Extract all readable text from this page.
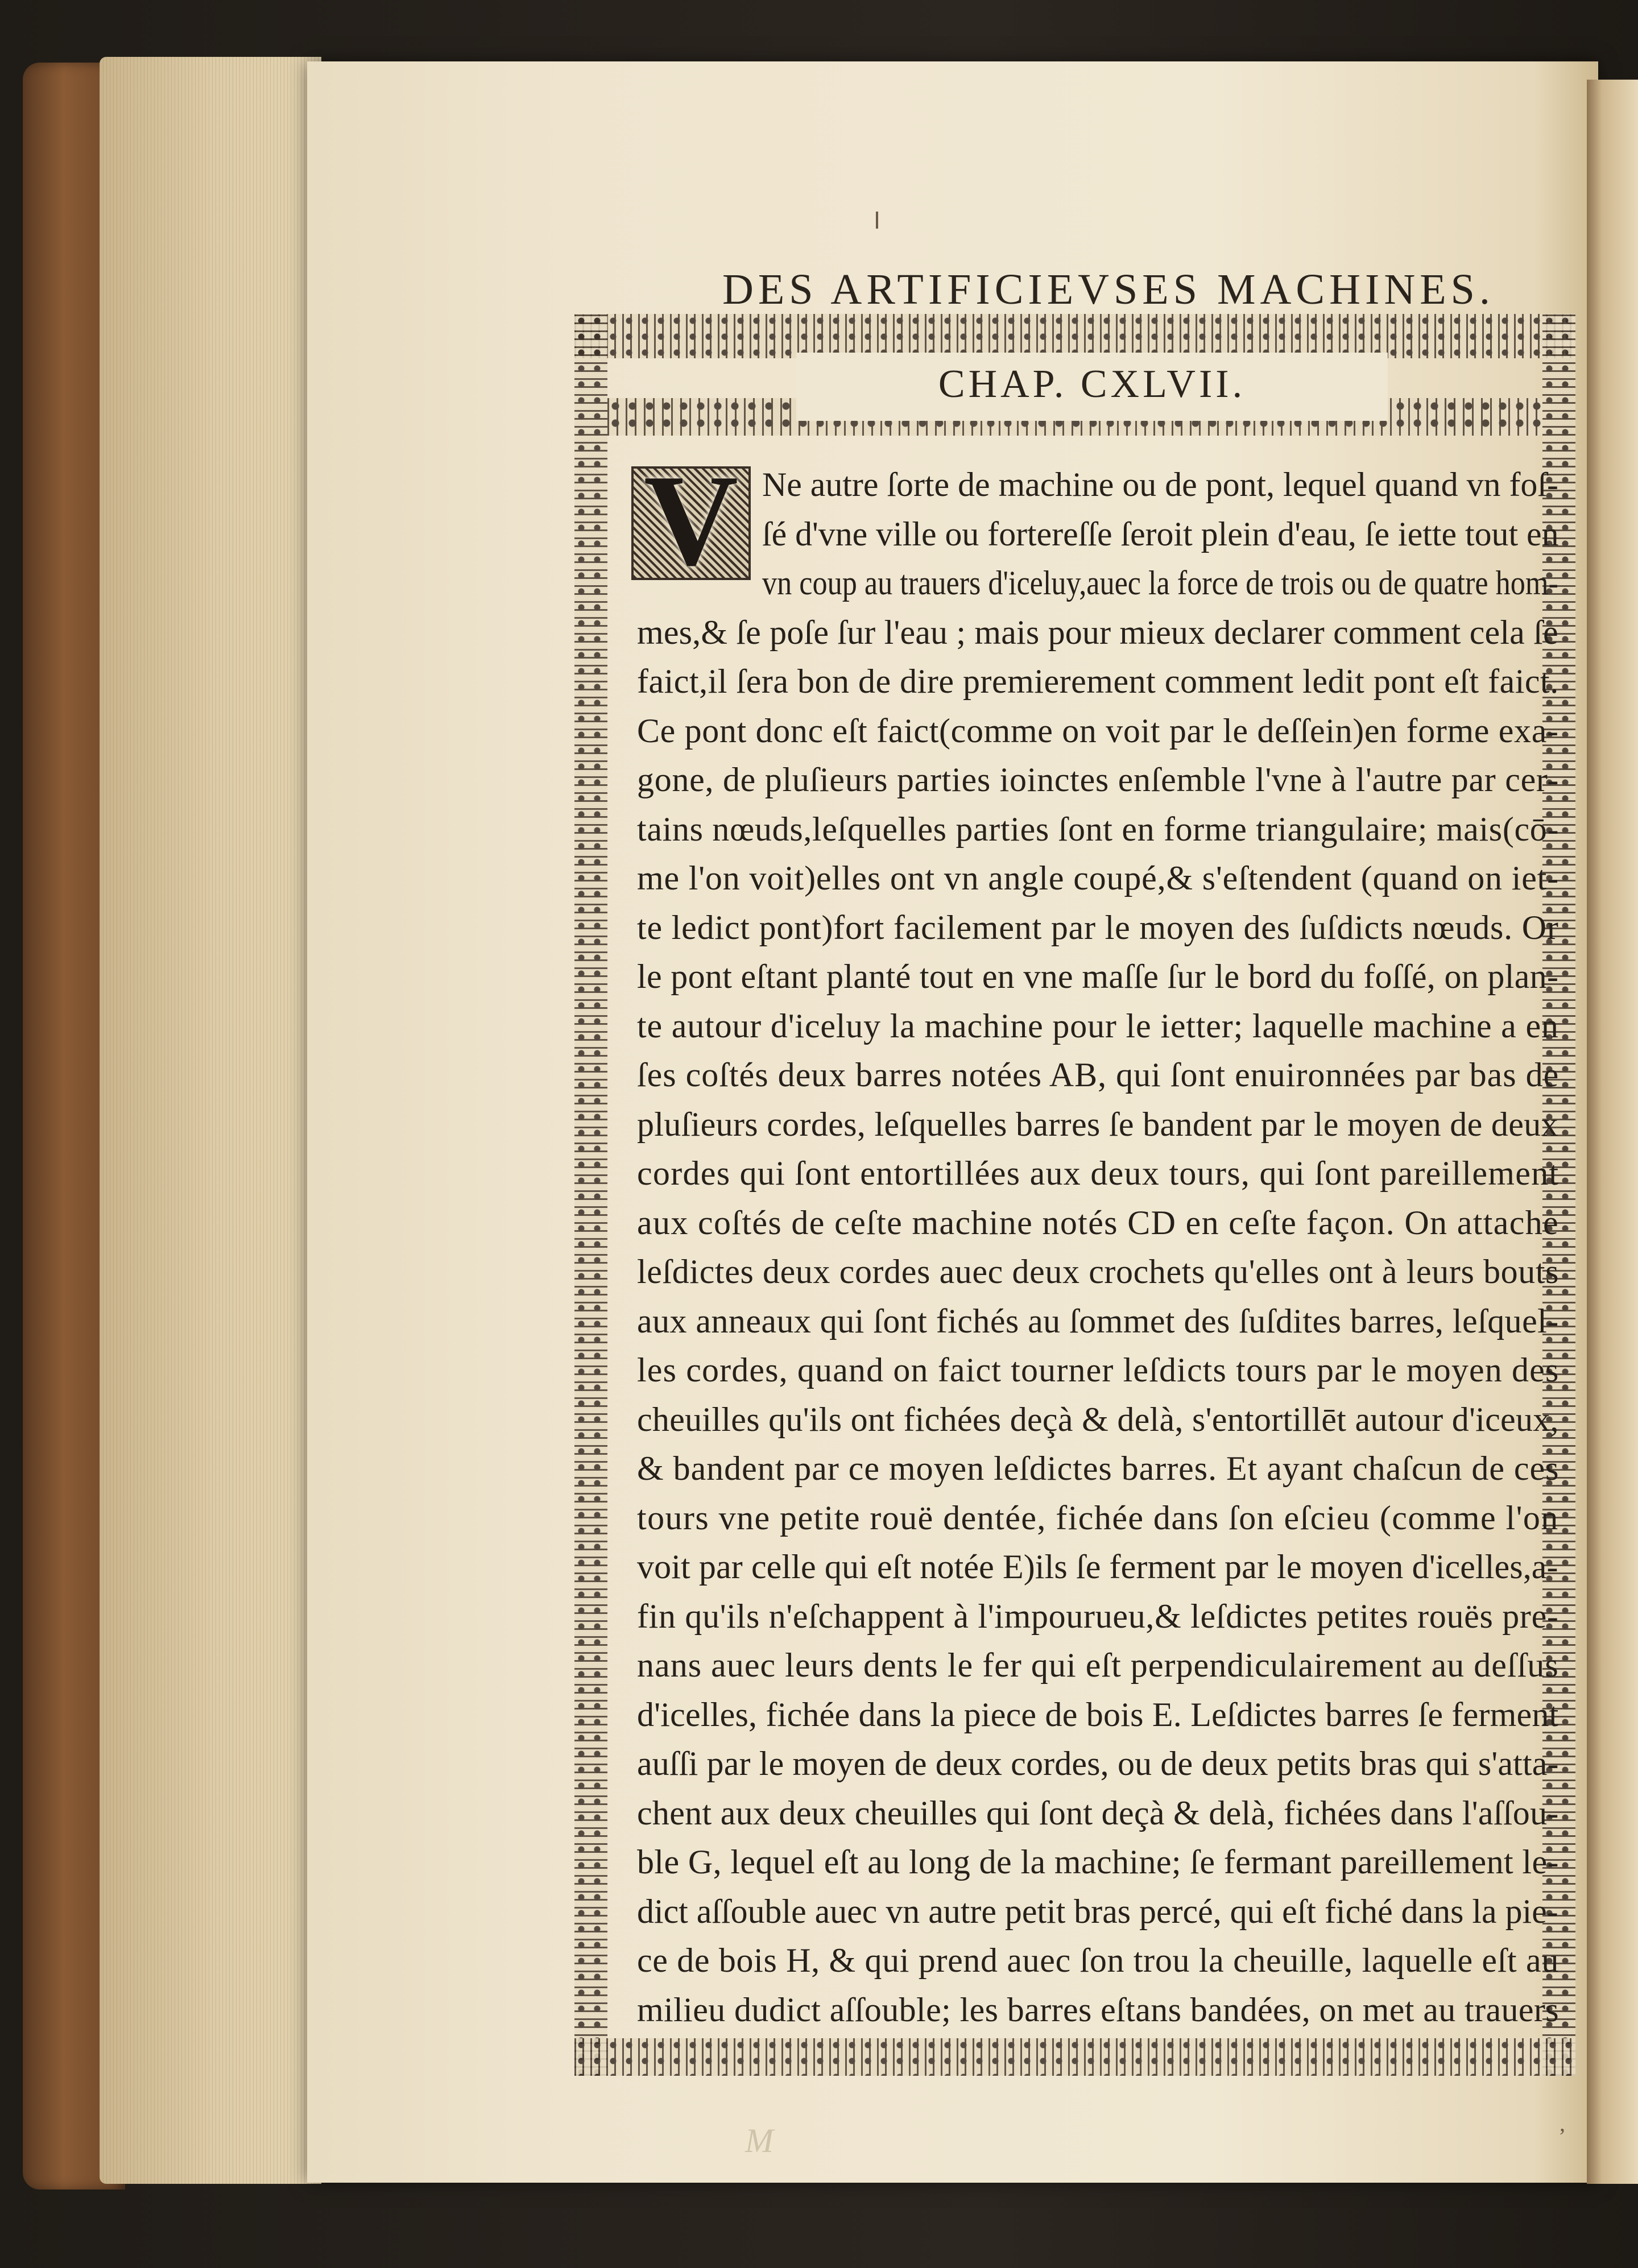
DES ARTIFICIEVSES MACHINES.
CHAP. CXLVII.
V Ne autre ſorte de machine ou de pont, lequel quand vn foſ-
ſé d'vne ville ou fortereſſe ſeroit plein d'eau, ſe iette tout en
vn coup au trauers d'iceluy,auec la force de trois ou de quatre hom-
mes,& ſe poſe ſur l'eau ; mais pour mieux declarer comment cela ſe
faict,il ſera bon de dire premierement comment ledit pont eſt faict.
Ce pont donc eſt faict(comme on voit par le deſſein)en forme exa-
gone, de pluſieurs parties ioinctes enſemble l'vne à l'autre par cer-
tains nœuds,leſquelles parties ſont en forme triangulaire; mais(cō-
me l'on voit)elles ont vn angle coupé,& s'eſtendent (quand on iet-
te ledict pont)fort facilement par le moyen des ſuſdicts nœuds. Or
le pont eſtant planté tout en vne maſſe ſur le bord du foſſé, on plan-
te autour d'iceluy la machine pour le ietter; laquelle machine a en
ſes coſtés deux barres notées AB, qui ſont enuironnées par bas de
pluſieurs cordes, leſquelles barres ſe bandent par le moyen de deux
cordes qui ſont entortillées aux deux tours, qui ſont pareillement
aux coſtés de ceſte machine notés CD en ceſte façon. On attache
leſdictes deux cordes auec deux crochets qu'elles ont à leurs bouts
aux anneaux qui ſont fichés au ſommet des ſuſdites barres, leſquel-
les cordes, quand on faict tourner leſdicts tours par le moyen des
cheuilles qu'ils ont fichées deçà & delà, s'entortillēt autour d'iceux,
& bandent par ce moyen leſdictes barres. Et ayant chaſcun de ces
tours vne petite rouë dentée, fichée dans ſon eſcieu (comme l'on
voit par celle qui eſt notée E)ils ſe ferment par le moyen d'icelles,a-
fin qu'ils n'eſchappent à l'impourueu,& leſdictes petites rouës pre-
nans auec leurs dents le fer qui eſt perpendiculairement au deſſus
d'icelles, fichée dans la piece de bois E. Leſdictes barres ſe ferment
auſſi par le moyen de deux cordes, ou de deux petits bras qui s'atta-
chent aux deux cheuilles qui ſont deçà & delà, fichées dans l'aſſou-
ble G, lequel eſt au long de la machine; ſe fermant pareillement le-
dict aſſouble auec vn autre petit bras percé, qui eſt fiché dans la pie-
ce de bois H, & qui prend auec ſon trou la cheuille, laquelle eſt au
milieu dudict aſſouble; les barres eſtans bandées, on met au trauers
M	,
